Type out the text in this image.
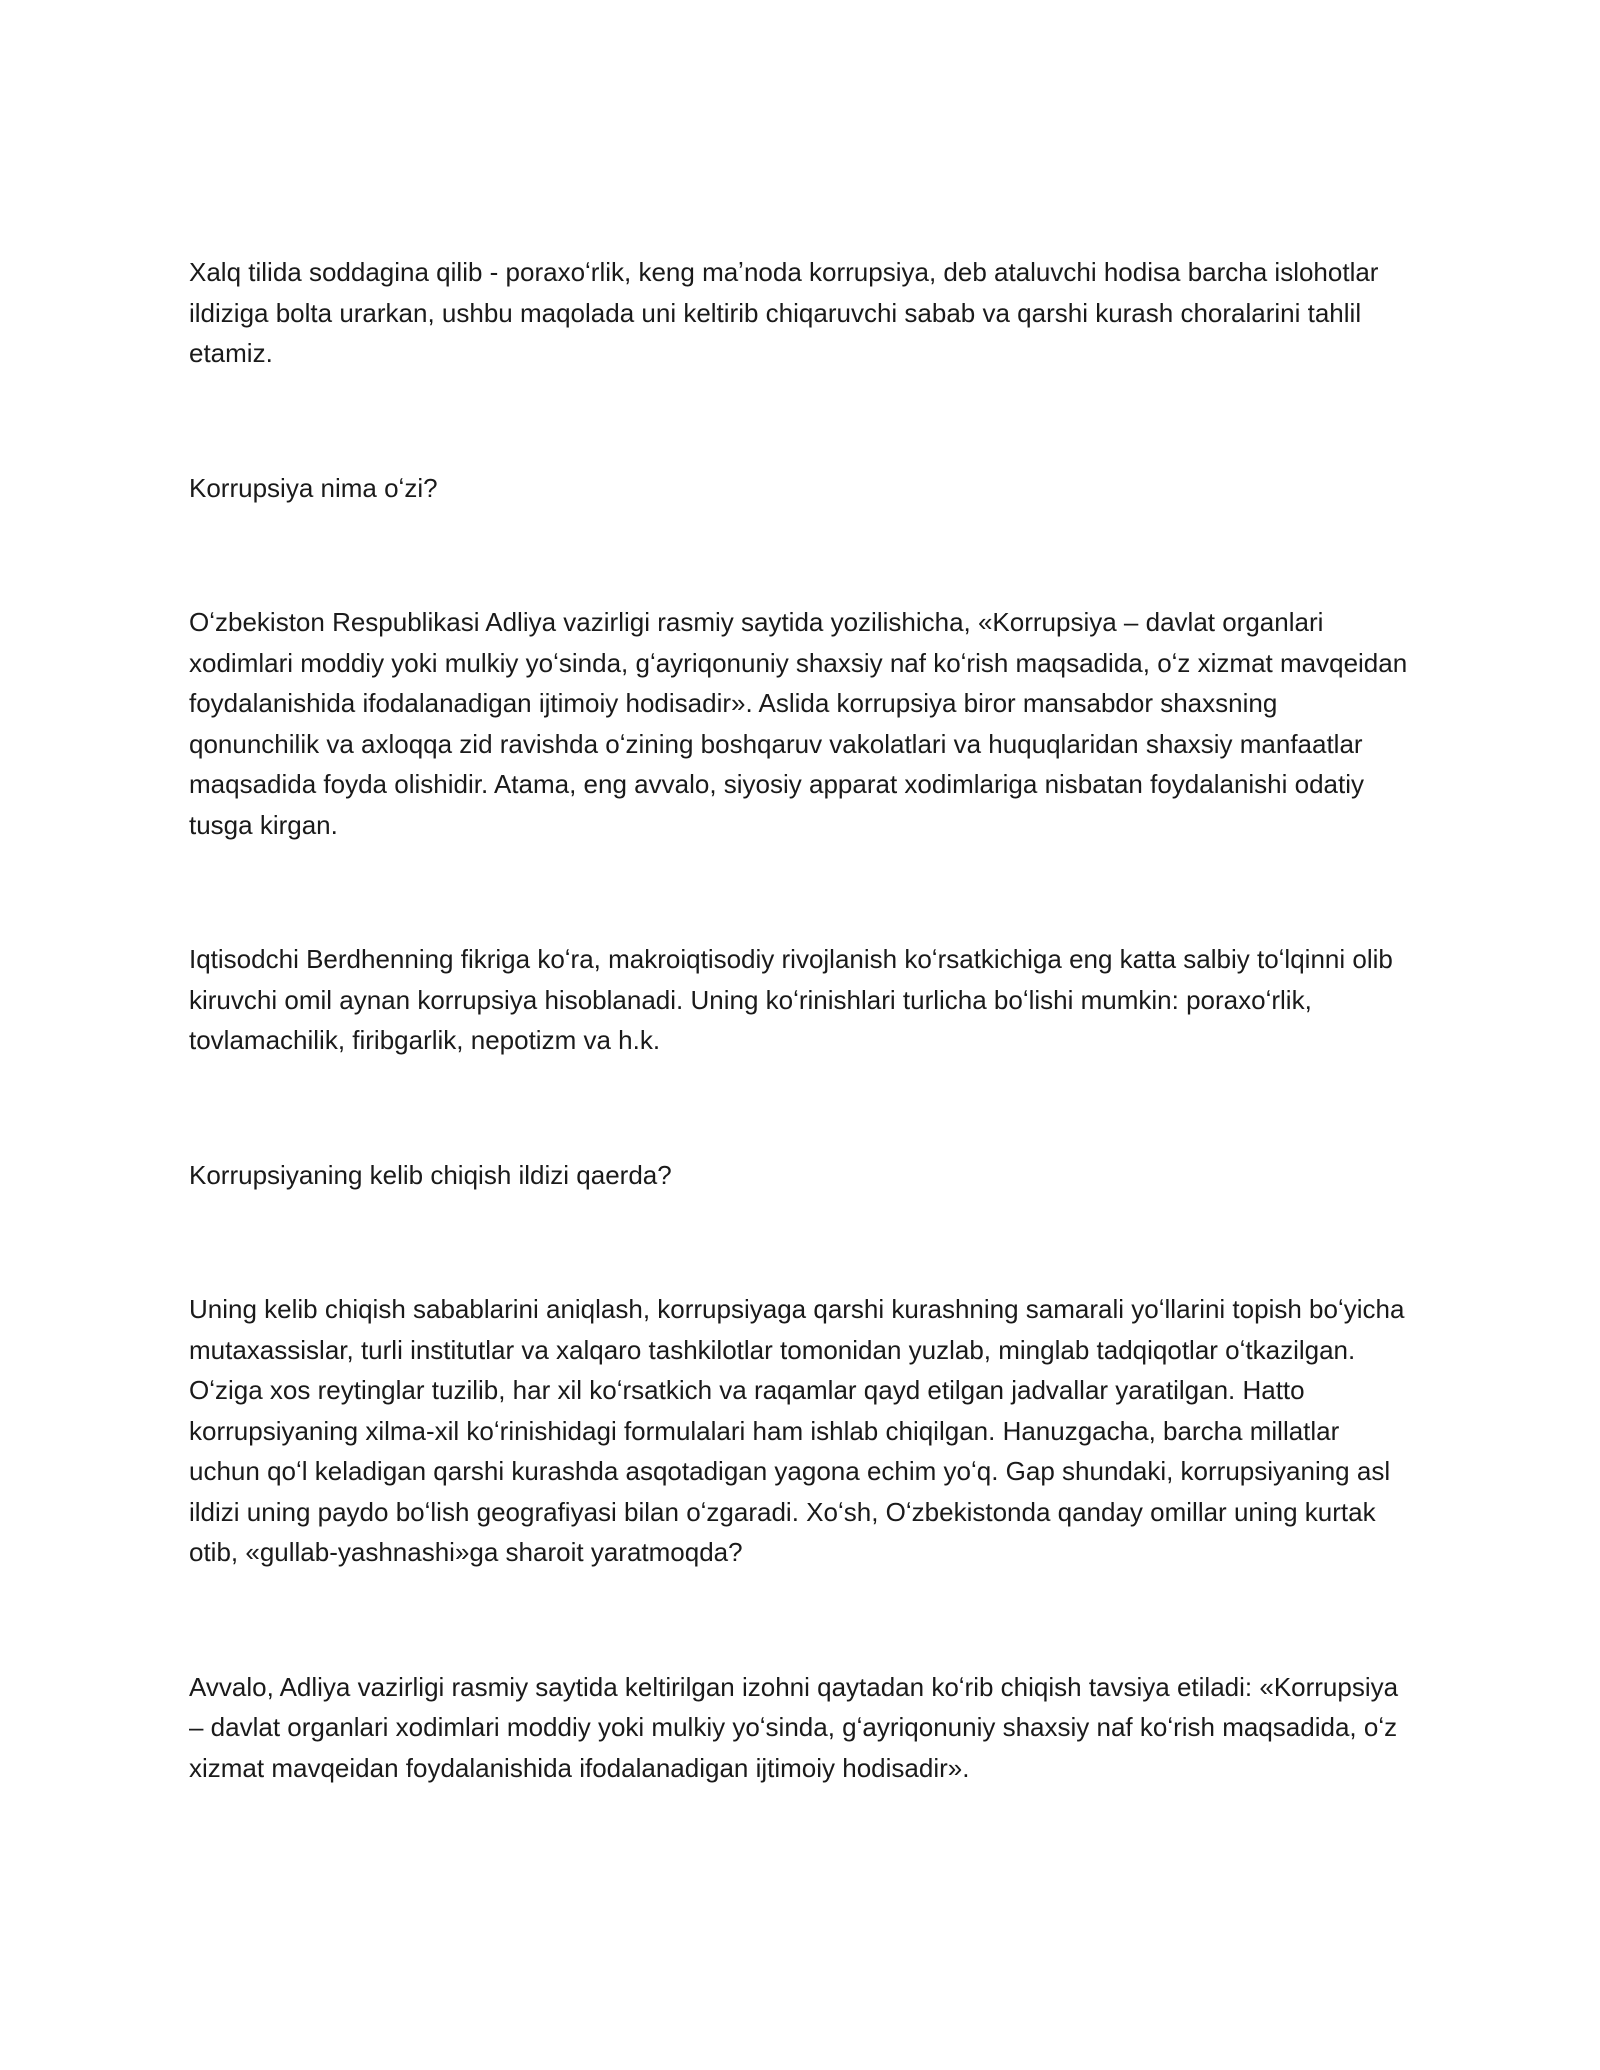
Xalq tilida soddagina qilib - poraxoʻrlik, keng maʼnoda korrupsiya, deb ataluvchi hodisa barcha islohotlar ildiziga bolta urarkan, ushbu maqolada uni keltirib chiqaruvchi sabab va qarshi kurash choralarini tahlil etamiz.

Korrupsiya nima oʻzi?

Oʻzbekiston Respublikasi Adliya vazirligi rasmiy saytida yozilishicha, «Korrupsiya – davlat organlari xodimlari moddiy yoki mulkiy yoʻsinda, gʻayriqonuniy shaxsiy naf koʻrish maqsadida, oʻz xizmat mavqeidan foydalanishida ifodalanadigan ijtimoiy hodisadir». Aslida korrupsiya biror mansabdor shaxsning qonunchilik va axloqqa zid ravishda oʻzining boshqaruv vakolatlari va huquqlaridan shaxsiy manfaatlar maqsadida foyda olishidir. Atama, eng avvalo, siyosiy apparat xodimlariga nisbatan foydalanishi odatiy tusga kirgan.

Iqtisodchi Berdhenning fikriga koʻra, makroiqtisodiy rivojlanish koʻrsatkichiga eng katta salbiy toʻlqinni olib kiruvchi omil aynan korrupsiya hisoblanadi. Uning koʻrinishlari turlicha boʻlishi mumkin: poraxoʻrlik, tovlamachilik, firibgarlik, nepotizm va h.k.

Korrupsiyaning kelib chiqish ildizi qaerda?

Uning kelib chiqish sabablarini aniqlash, korrupsiyaga qarshi kurashning samarali yoʻllarini topish boʻyicha mutaxassislar, turli institutlar va xalqaro tashkilotlar tomonidan yuzlab, minglab tadqiqotlar oʻtkazilgan. Oʻziga xos reytinglar tuzilib, har xil koʻrsatkich va raqamlar qayd etilgan jadvallar yaratilgan. Hatto korrupsiyaning xilma-xil koʻrinishidagi formulalari ham ishlab chiqilgan. Hanuzgacha, barcha millatlar uchun qoʻl keladigan qarshi kurashda asqotadigan yagona echim yoʻq. Gap shundaki, korrupsiyaning asl ildizi uning paydo boʻlish geografiyasi bilan oʻzgaradi. Xoʻsh, Oʻzbekistonda qanday omillar uning kurtak otib, «gullab-yashnashi»ga sharoit yaratmoqda?

Avvalo, Adliya vazirligi rasmiy saytida keltirilgan izohni qaytadan koʻrib chiqish tavsiya etiladi: «Korrupsiya – davlat organlari xodimlari moddiy yoki mulkiy yoʻsinda, gʻayriqonuniy shaxsiy naf koʻrish maqsadida, oʻz xizmat mavqeidan foydalanishida ifodalanadigan ijtimoiy hodisadir».
